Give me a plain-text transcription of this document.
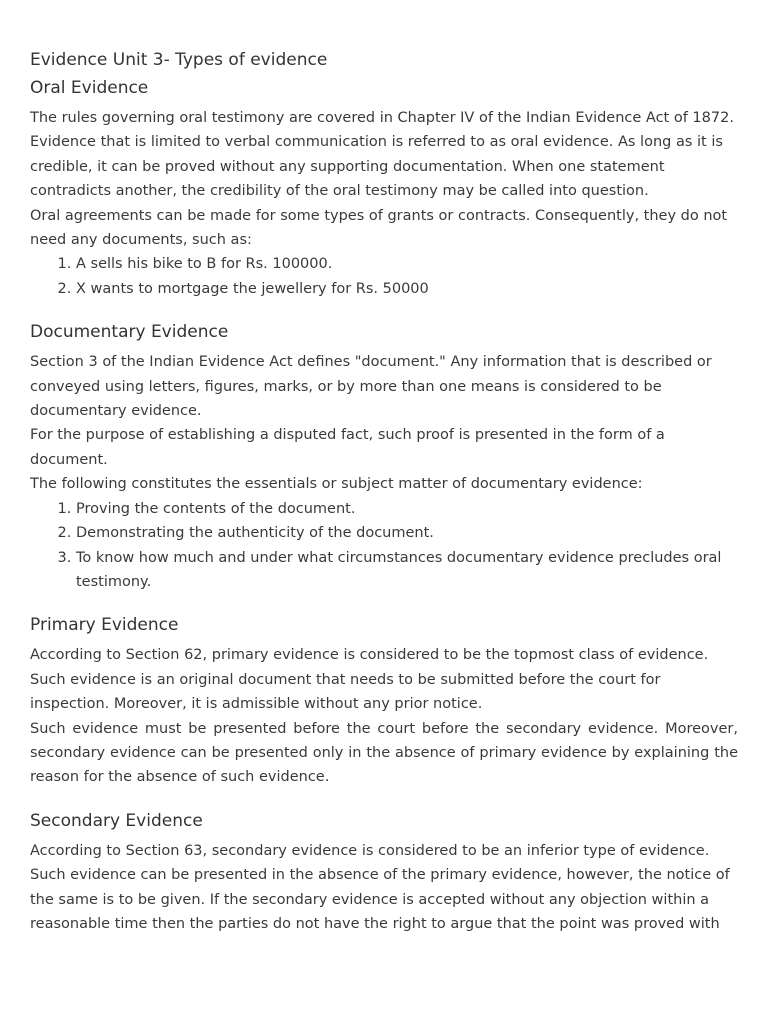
Evidence Unit 3- Types of evidence
Oral Evidence

The rules governing oral testimony are covered in Chapter IV of the Indian Evidence Act of 1872. Evidence that is limited to verbal communication is referred to as oral evidence. As long as it is credible, it can be proved without any supporting documentation. When one statement contradicts another, the credibility of the oral testimony may be called into question.

Oral agreements can be made for some types of grants or contracts. Consequently, they do not need any documents, such as:

1. A sells his bike to B for Rs. 100000.
2. X wants to mortgage the jewellery for Rs. 50000
Documentary Evidence

Section 3 of the Indian Evidence Act defines "document." Any information that is described or conveyed using letters, figures, marks, or by more than one means is considered to be documentary evidence.

For the purpose of establishing a disputed fact, such proof is presented in the form of a document.

The following constitutes the essentials or subject matter of documentary evidence:

1. Proving the contents of the document.
2. Demonstrating the authenticity of the document.
3. To know how much and under what circumstances documentary evidence precludes oral testimony.
Primary Evidence

According to Section 62, primary evidence is considered to be the topmost class of evidence. Such evidence is an original document that needs to be submitted before the court for inspection. Moreover, it is admissible without any prior notice.

Such evidence must be presented before the court before the secondary evidence. Moreover, secondary evidence can be presented only in the absence of primary evidence by explaining the reason for the absence of such evidence.

Secondary Evidence

According to Section 63, secondary evidence is considered to be an inferior type of evidence. Such evidence can be presented in the absence of the primary evidence, however, the notice of the same is to be given. If the secondary evidence is accepted without any objection within a reasonable time then the parties do not have the right to argue that the point was proved with
